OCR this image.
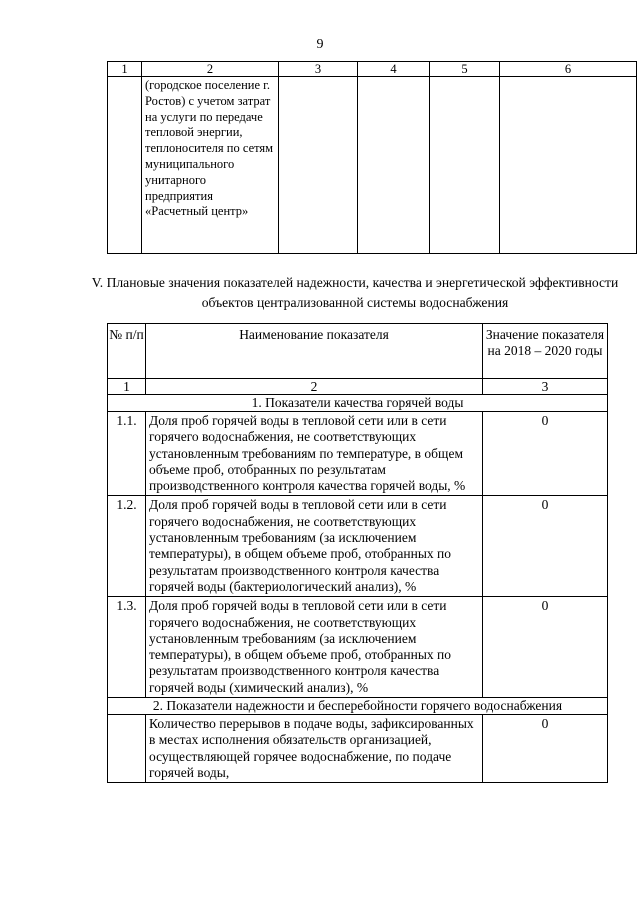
9
1	2	3	4	5	6

	(городское поселение г. Ростов) с учетом затрат на услуги по передаче тепловой энергии, теплоносителя по сетям муниципального унитарного предприятия «Расчетный центр»				

V. Плановые значения показателей надежности, качества и энергетической эффективности объектов централизованной системы водоснабжения
№ п/п	Наименование показателя	Значение показателя на 2018 – 2020 годы
1	2	3
1. Показатели качества горячей воды		
1.1.	Доля проб горячей воды в тепловой сети или в сети горячего водоснабжения, не соответствующих установленным требованиям по температуре, в общем объеме проб, отобранных по результатам производственного контроля качества горячей воды, %	0
1.2.	Доля проб горячей воды в тепловой сети или в сети горячего водоснабжения, не соответствующих установленным требованиям (за исключением температуры), в общем объеме проб, отобранных по результатам производственного контроля качества горячей воды (бактериологический анализ), %	0
1.3.	Доля проб горячей воды в тепловой сети или в сети горячего водоснабжения, не соответствующих установленным требованиям (за исключением температуры), в общем объеме проб, отобранных по результатам производственного контроля качества горячей воды (химический анализ), %	0
2. Показатели надежности и бесперебойности горячего водоснабжения		
	Количество перерывов в подаче воды, зафиксированных в местах исполнения обязательств организацией, осуществляющей горячее водоснабжение, по подаче горячей воды,	0
